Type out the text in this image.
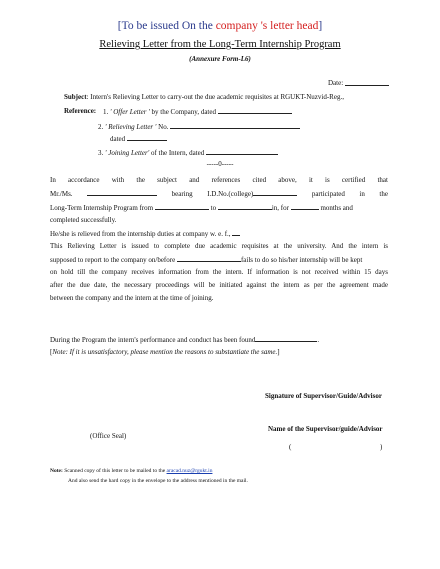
[To be issued On the company 's letter head]
Relieving Letter from the Long-Term Internship Program
(Annexure Form-L6)
Date:
Subject: Intern's Relieving Letter to carry-out the due academic requisites at RGUKT-Nuzvid-Reg.,
Reference: 1. ' Offer Letter ' by the Company, dated
2. ' Relieving Letter ' No.
dated
3. ' Joining Letter' of the Intern, dated
-----0-----
In accordance with the subject and references cited above, it is certified that
Mr./Ms.	bearing I.D.No.(college)	participated in the
Long-Term Internship Program from	to	in, for	months and
completed successfully.
He/she is relieved from the internship duties at company w. e. f.,
This Relieving Letter is issued to complete due academic requisites at the university. And the intern is
supposed to report to the company on/before	fails to do so his/her internship will be kept
on hold till the company receives information from the intern. If information is not received within 15 days
after the due date, the necessary proceedings will be initiated against the intern as per the agreement made
between the company and the intern at the time of joining.
During the Program the intern's performance and conduct has been found	.
[Note: If it is unsatisfactory, please mention the reasons to substantiate the same.]
Signature of Supervisor/Guide/Advisor
Name of the Supervisor/guide/Advisor
(Office Seal)
(	)
Note: Scanned copy of this letter to be mailed to the aracad.nuz@rgukt.in
And also send the hard copy in the envelope to the address mentioned in the mail.
